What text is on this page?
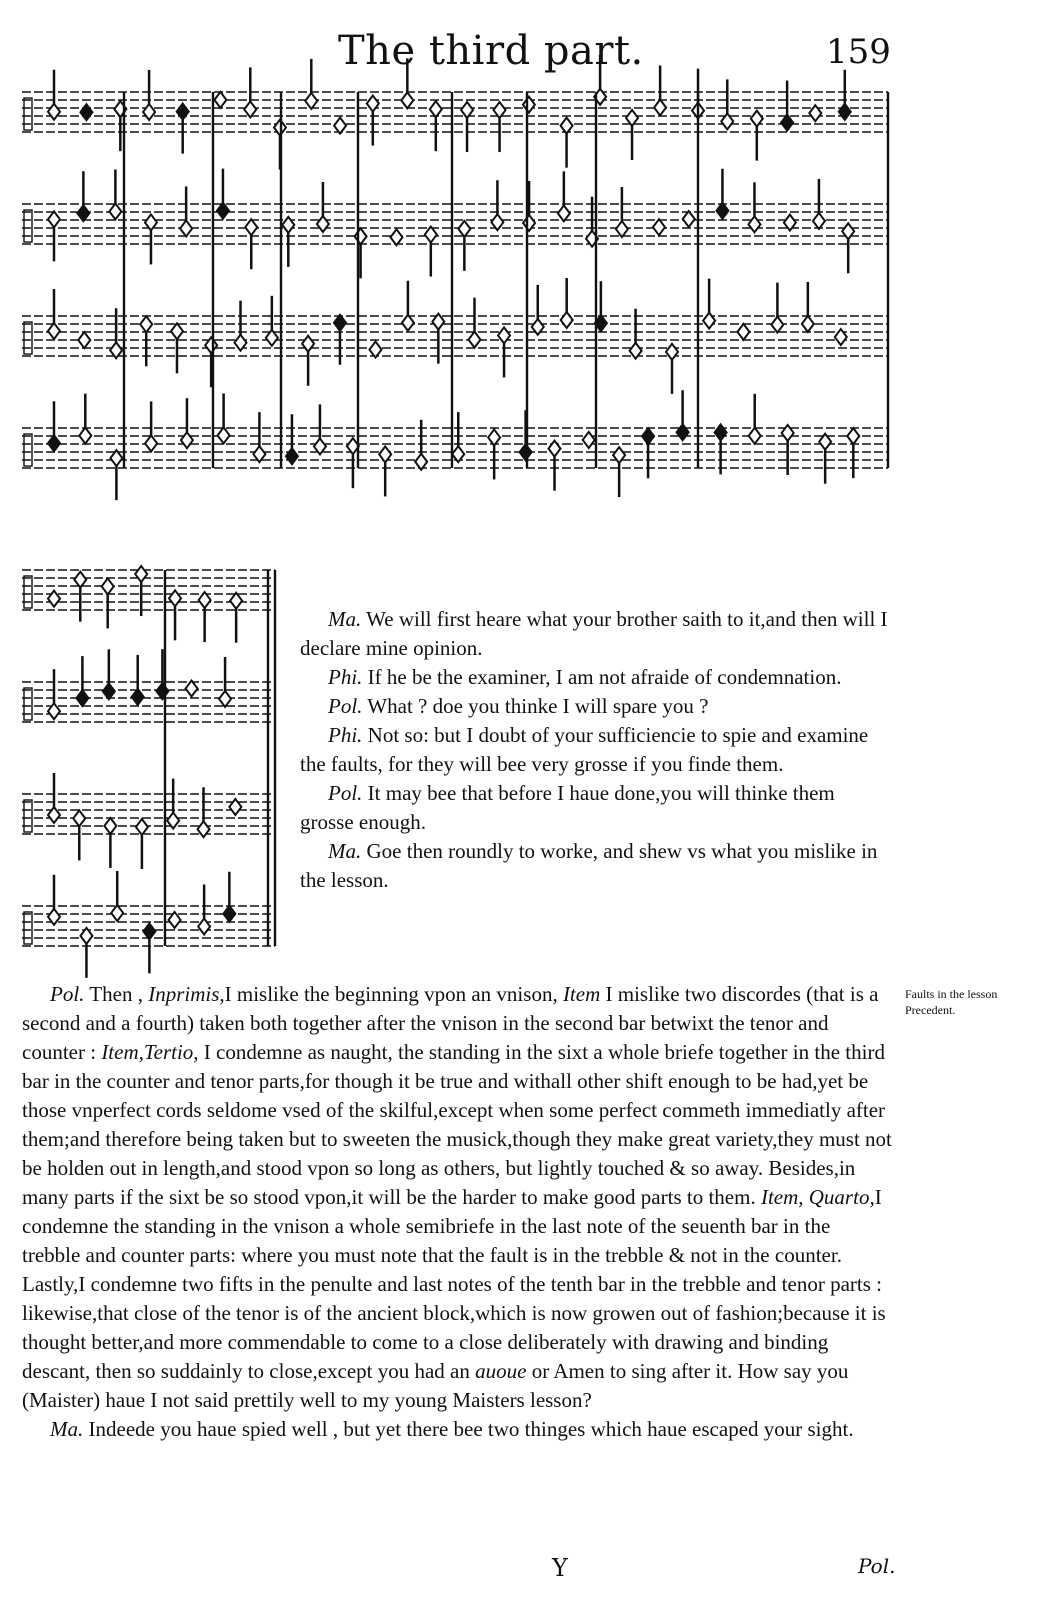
The third part.	159

Ma. We will first heare what your brother saith to it,and then will I declare mine opinion.

Phi. If he be the examiner, I am not afraide of condemnation.

Pol. What ? doe you thinke I will spare you ?

Phi. Not so: but I doubt of your sufficiencie to spie and examine the faults, for they will bee very grosse if you finde them.

Pol. It may bee that before I haue done,you will thinke them grosse enough.

Ma. Goe then roundly to worke, and shew vs what you mislike in the lesson.

Pol. Then , Inprimis,I mislike the beginning vpon an vnison, Item I mislike two discordes (that is a second and a fourth) taken both together after the vnison in the second bar betwixt the tenor and counter : Item,Tertio, I condemne as naught, the standing in the sixt a whole briefe together in the third bar in the counter and tenor parts,for though it be true and withall other shift enough to be had,yet be those vnperfect cords seldome vsed of the skilful,except when some perfect commeth immediatly after them;and therefore being taken but to sweeten the musick,though they make great variety,they must not be holden out in length,and stood vpon so long as others, but lightly touched & so away. Besides,in many parts if the sixt be so stood vpon,it will be the harder to make good parts to them. Item, Quarto,I condemne the standing in the vnison a whole semibriefe in the last note of the seuenth bar in the trebble and counter parts: where you must note that the fault is in the trebble & not in the counter. Lastly,I condemne two fifts in the penulte and last notes of the tenth bar in the trebble and tenor parts : likewise,that close of the tenor is of the ancient block,which is now growen out of fashion;because it is thought better,and more commendable to come to a close deliberately with drawing and binding descant, then so suddainly to close,except you had an auoue or Amen to sing after it. How say you (Maister) haue I not said prettily well to my young Maisters lesson?

Ma. Indeede you haue spied well , but yet there bee two thinges which haue escaped your sight.

Faults in the lesson Precedent.
Y	Pol.
